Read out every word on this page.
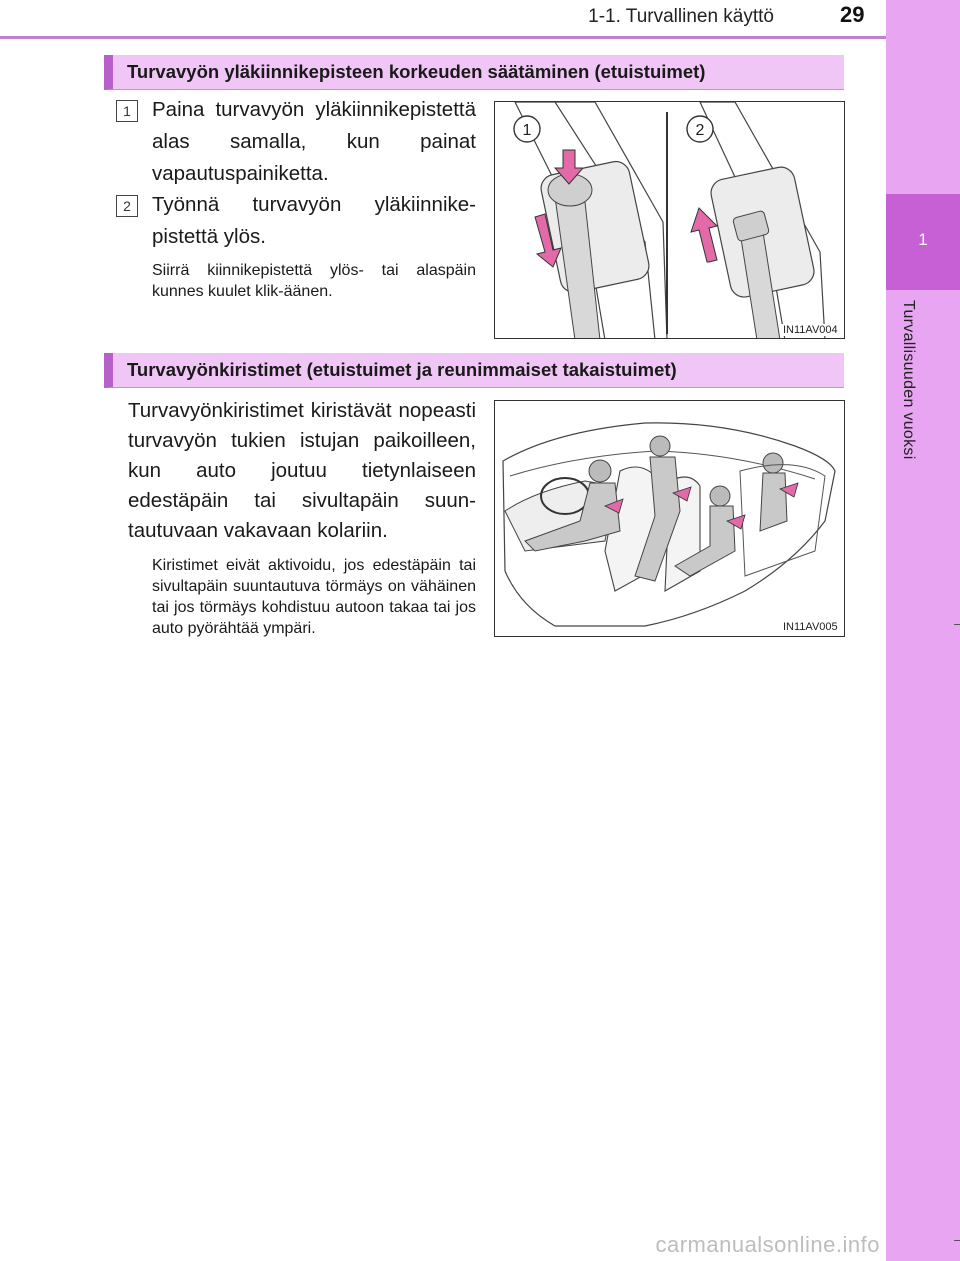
1-1. Turvallinen käyttö	29
1
Turvallisuuden vuoksi
Turvavyön yläkiinnikepisteen korkeuden säätäminen (etuistuimet)
1	Paina turvavyön yläkiinnikepistettä alas samalla, kun painat vapautuspainiketta.
2	Työnnä turvavyön yläkiinnikepistettä ylös.
Siirrä kiinnikepistettä ylös- tai alaspäin kunnes kuulet klik-äänen.
1	2
IN11AV004
Turvavyönkiristimet (etuistuimet ja reunimmaiset takaistuimet)
Turvavyönkiristimet kiristävät nopeasti turvavyön tukien istujan paikoilleen, kun auto joutuu tietynlaiseen edestäpäin tai sivultapäin suuntautuvaan vakavaan kolariin.
Kiristimet eivät aktivoidu, jos edestäpäin tai sivultapäin suuntautuva törmäys on vähäinen tai jos törmäys kohdistuu autoon takaa tai jos auto pyörähtää ympäri.	IN11AV005
carmanualsonline.info
